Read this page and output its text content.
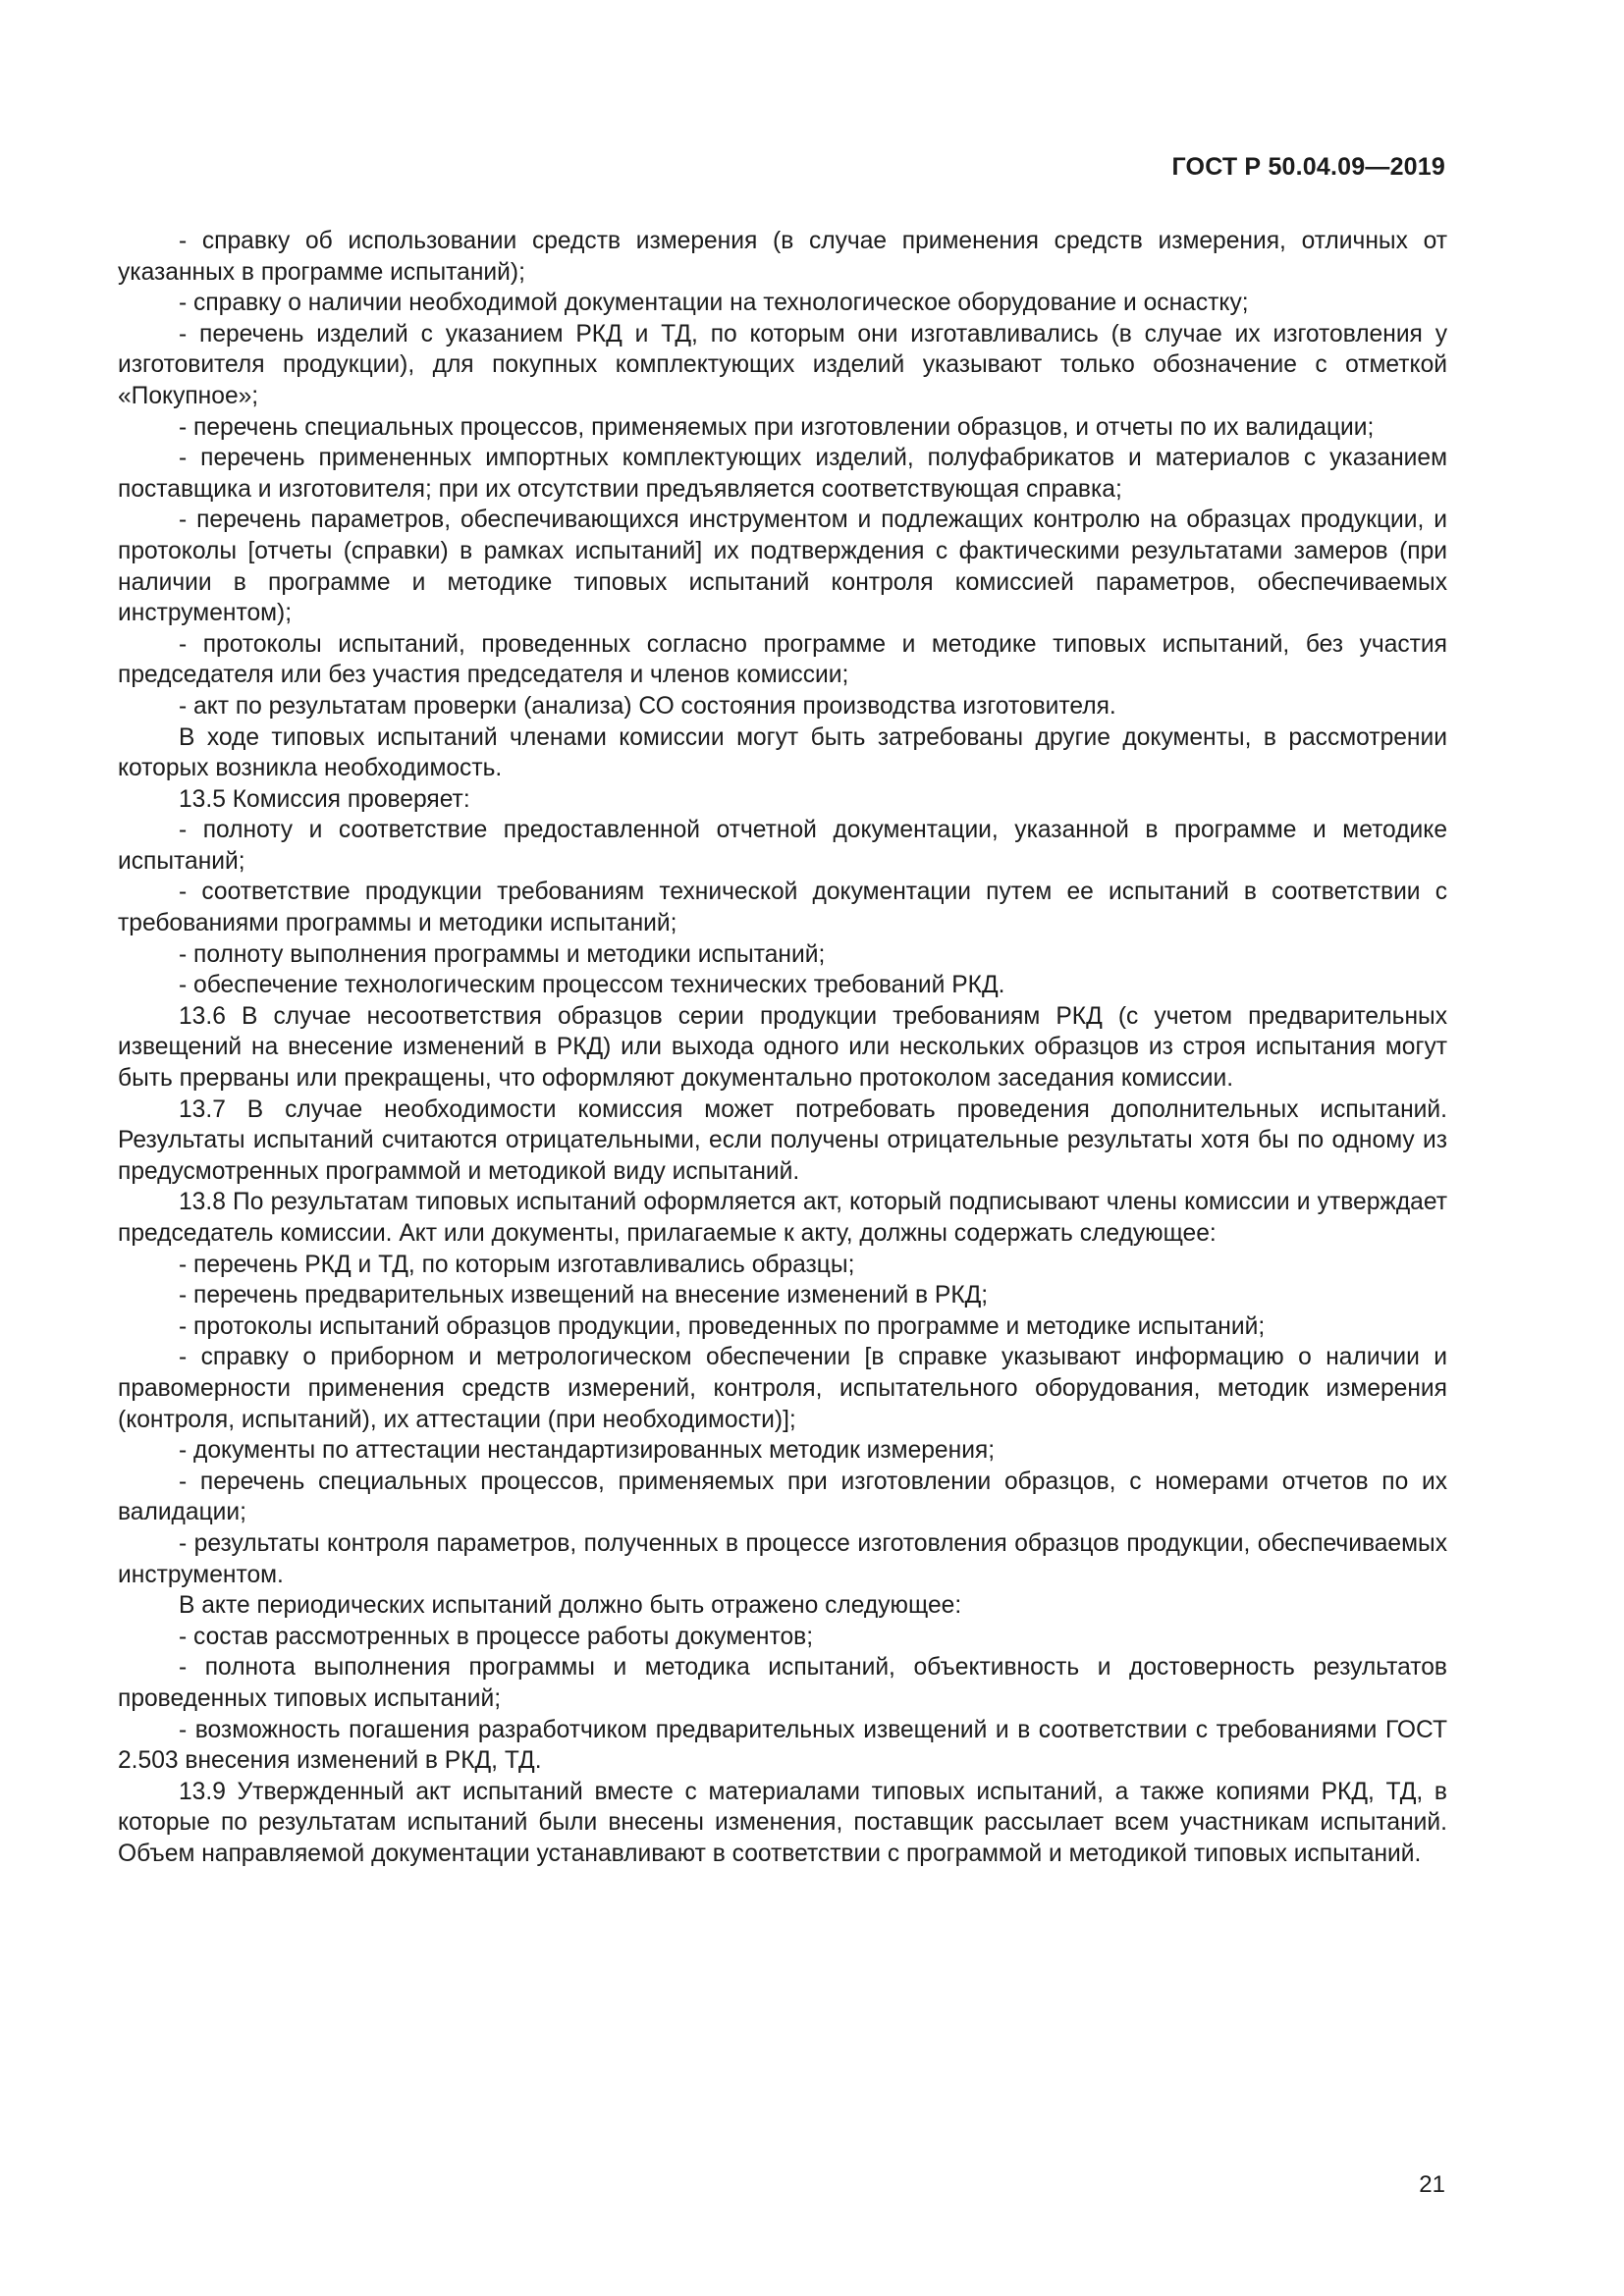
ГОСТ Р 50.04.09—2019

- справку об использовании средств измерения (в случае применения средств измерения, отличных от указанных в программе испытаний);

- справку о наличии необходимой документации на технологическое оборудование и оснастку;

- перечень изделий с указанием РКД и ТД, по которым они изготавливались (в случае их изготовления у изготовителя продукции), для покупных комплектующих изделий указывают только обозначение с отметкой «Покупное»;

- перечень специальных процессов, применяемых при изготовлении образцов, и отчеты по их валидации;

- перечень примененных импортных комплектующих изделий, полуфабрикатов и материалов с указанием поставщика и изготовителя; при их отсутствии предъявляется соответствующая справка;

- перечень параметров, обеспечивающихся инструментом и подлежащих контролю на образцах продукции, и протоколы [отчеты (справки) в рамках испытаний] их подтверждения с фактическими результатами замеров (при наличии в программе и методике типовых испытаний контроля комиссией параметров, обеспечиваемых инструментом);

- протоколы испытаний, проведенных согласно программе и методике типовых испытаний, без участия председателя или без участия председателя и членов комиссии;

- акт по результатам проверки (анализа) СО состояния производства изготовителя.

В ходе типовых испытаний членами комиссии могут быть затребованы другие документы, в рассмотрении которых возникла необходимость.

13.5 Комиссия проверяет:

- полноту и соответствие предоставленной отчетной документации, указанной в программе и методике испытаний;

- соответствие продукции требованиям технической документации путем ее испытаний в соответствии с требованиями программы и методики испытаний;

- полноту выполнения программы и методики испытаний;

- обеспечение технологическим процессом технических требований РКД.

13.6 В случае несоответствия образцов серии продукции требованиям РКД (с учетом предварительных извещений на внесение изменений в РКД) или выхода одного или нескольких образцов из строя испытания могут быть прерваны или прекращены, что оформляют документально протоколом заседания комиссии.

13.7 В случае необходимости комиссия может потребовать проведения дополнительных испытаний. Результаты испытаний считаются отрицательными, если получены отрицательные результаты хотя бы по одному из предусмотренных программой и методикой виду испытаний.

13.8 По результатам типовых испытаний оформляется акт, который подписывают члены комиссии и утверждает председатель комиссии. Акт или документы, прилагаемые к акту, должны содержать следующее:

- перечень РКД и ТД, по которым изготавливались образцы;

- перечень предварительных извещений на внесение изменений в РКД;

- протоколы испытаний образцов продукции, проведенных по программе и методике испытаний;

- справку о приборном и метрологическом обеспечении [в справке указывают информацию о наличии и правомерности применения средств измерений, контроля, испытательного оборудования, методик измерения (контроля, испытаний), их аттестации (при необходимости)];

- документы по аттестации нестандартизированных методик измерения;

- перечень специальных процессов, применяемых при изготовлении образцов, с номерами отчетов по их валидации;

- результаты контроля параметров, полученных в процессе изготовления образцов продукции, обеспечиваемых инструментом.

В акте периодических испытаний должно быть отражено следующее:

- состав рассмотренных в процессе работы документов;

- полнота выполнения программы и методика испытаний, объективность и достоверность результатов проведенных типовых испытаний;

- возможность погашения разработчиком предварительных извещений и в соответствии с требованиями ГОСТ 2.503 внесения изменений в РКД, ТД.

13.9 Утвержденный акт испытаний вместе с материалами типовых испытаний, а также копиями РКД, ТД, в которые по результатам испытаний были внесены изменения, поставщик рассылает всем участникам испытаний. Объем направляемой документации устанавливают в соответствии с программой и методикой типовых испытаний.

21
